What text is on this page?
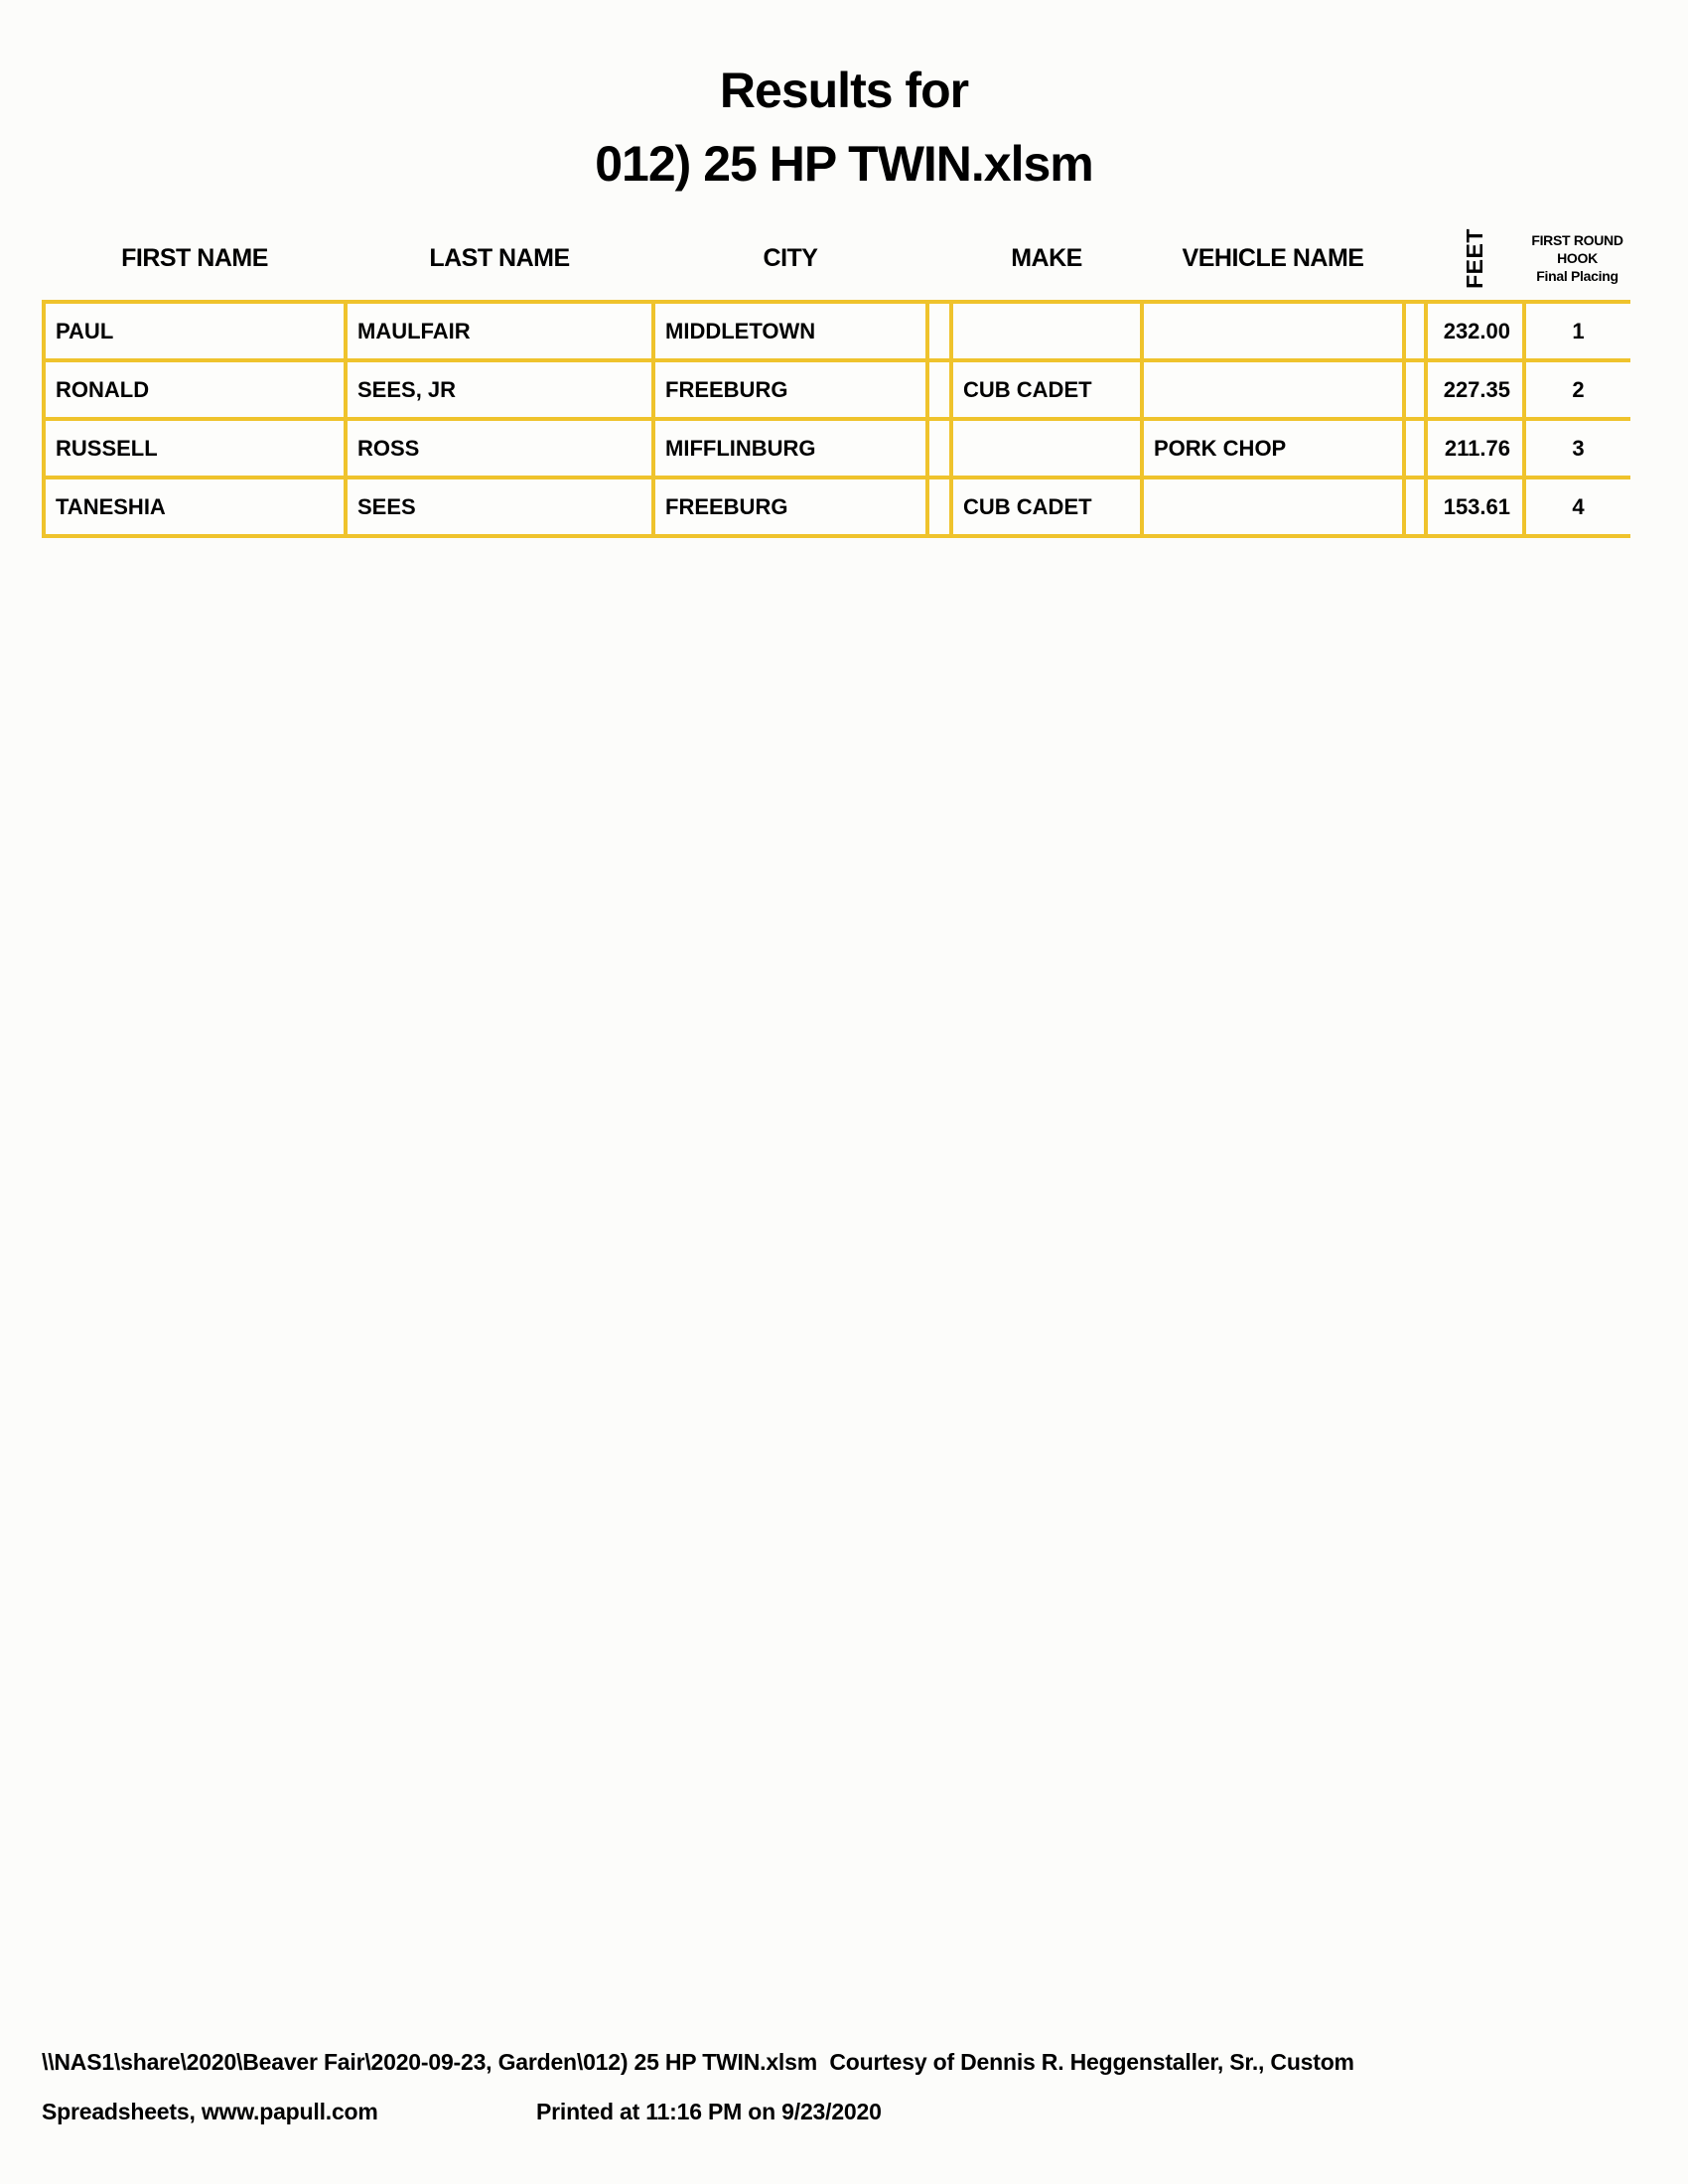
Results for
012) 25 HP TWIN.xlsm
FIRST NAME	LAST NAME	CITY		MAKE	VEHICLE NAME		FEET	FIRST ROUND
HOOK
Final Placing

PAUL	MAULFAIR	MIDDLETOWN					232.00	1
RONALD	SEES, JR	FREEBURG		CUB CADET			227.35	2
RUSSELL	ROSS	MIFFLINBURG			PORK CHOP		211.76	3
TANESHIA	SEES	FREEBURG		CUB CADET			153.61	4
\\NAS1\share\2020\Beaver Fair\2020-09-23, Garden\012) 25 HP TWIN.xlsm  Courtesy of Dennis R. Heggenstaller, Sr., Custom
Spreadsheets, www.papull.com	Printed at 11:16 PM on 9/23/2020
